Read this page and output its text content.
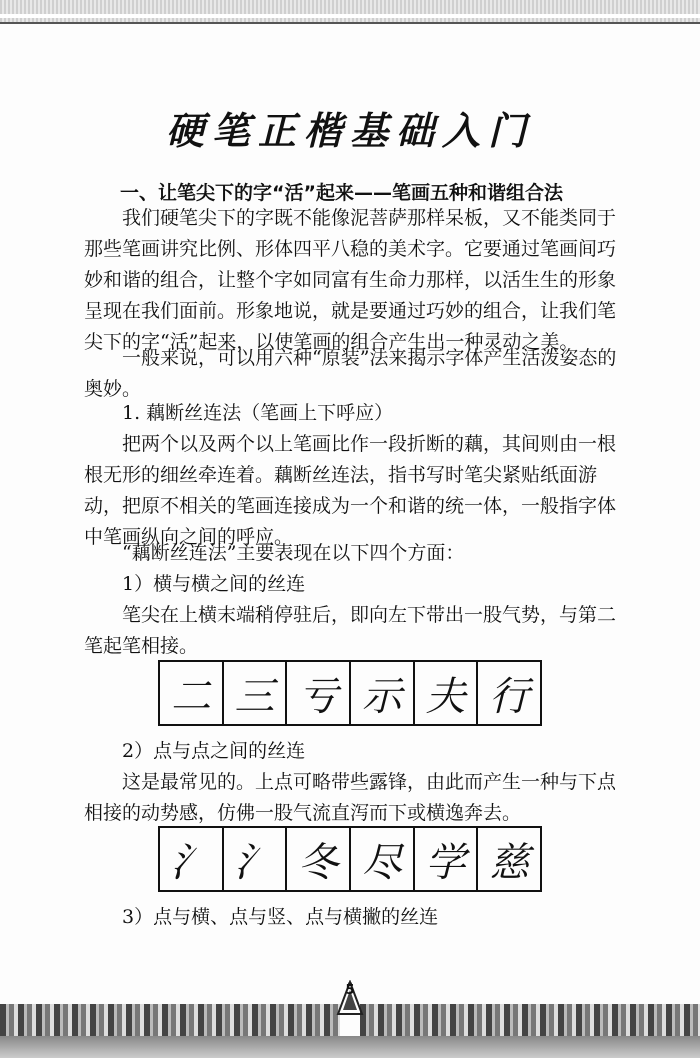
硬笔正楷基础入门
一、让笔尖下的字“活”起来——笔画五种和谐组合法

我们硬笔尖下的字既不能像泥菩萨那样呆板，又不能类同于那些笔画讲究比例、形体四平八稳的美术字。它要通过笔画间巧妙和谐的组合，让整个字如同富有生命力那样，以活生生的形象呈现在我们面前。形象地说，就是要通过巧妙的组合，让我们笔尖下的字“活”起来，以使笔画的组合产生出一种灵动之美。

一般来说，可以用六种“原装”法来揭示字体产生活泼姿态的奥妙。

1. 藕断丝连法（笔画上下呼应）

把两个以及两个以上笔画比作一段折断的藕，其间则由一根根无形的细丝牵连着。藕断丝连法，指书写时笔尖紧贴纸面游动，把原不相关的笔画连接成为一个和谐的统一体，一般指字体中笔画纵向之间的呼应。

“藕断丝连法”主要表现在以下四个方面：

1）横与横之间的丝连

笔尖在上横末端稍停驻后，即向左下带出一股气势，与第二笔起笔相接。

二 三 亏 示 夫 行
2）点与点之间的丝连

这是最常见的。上点可略带些露锋，由此而产生一种与下点相接的动势感，仿佛一股气流直泻而下或横逸奔去。

氵 氵 冬 尽 学 慈
3）点与横、点与竖、点与横撇的丝连
5
